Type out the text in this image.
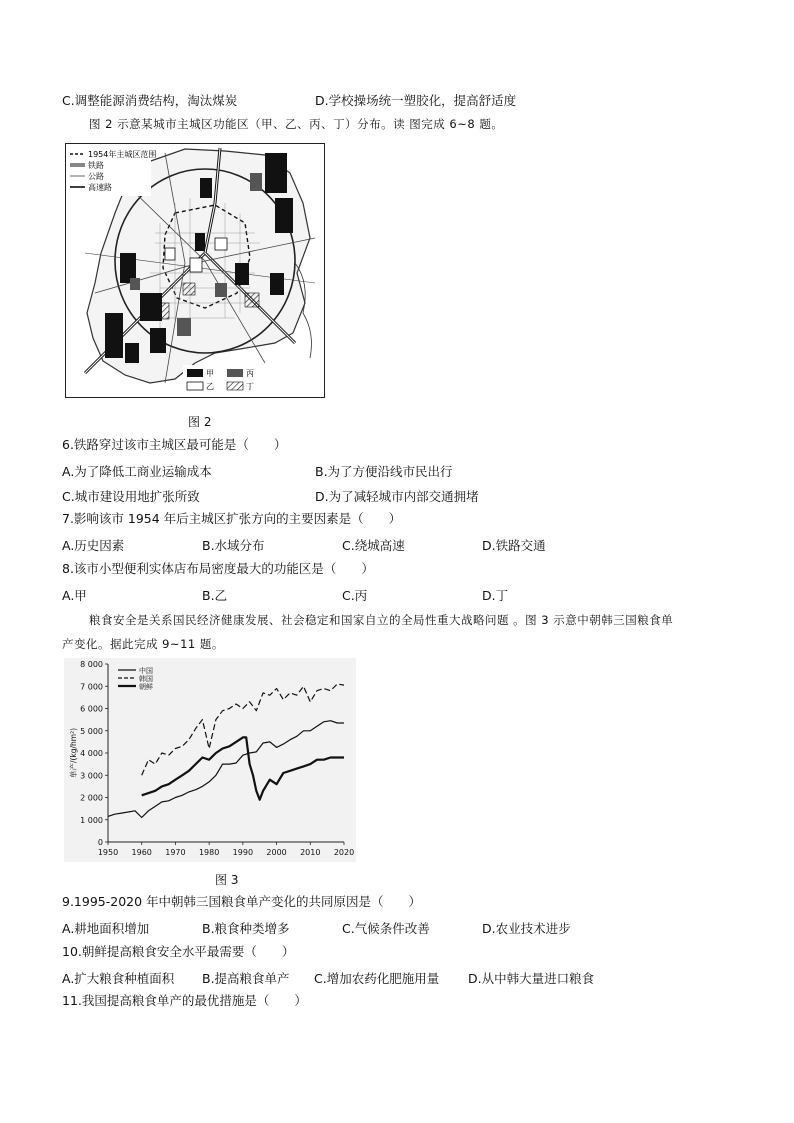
C.调整能源消费结构，淘汰煤炭	D.学校操场统一塑胶化，提高舒适度
图 2 示意某城市主城区功能区（甲、乙、丙、丁）分布。读 图完成 6~8 题。
1954年主城区范围
铁路
公路
高速路
甲	丙
乙	丁
图 2
6.铁路穿过该市主城区最可能是（　　）
A.为了降低工商业运输成本	B.为了方便沿线市民出行
C.城市建设用地扩张所致	D.为了减轻城市内部交通拥堵
7.影响该市 1954 年后主城区扩张方向的主要因素是（　　）
A.历史因素	B.水域分布	C.绕城高速	D.铁路交通
8.该市小型便利实体店布局密度最大的功能区是（　　）
A.甲	B.乙	C.丙	D.丁
粮食安全是关系国民经济健康发展、社会稳定和国家自立的全局性重大战略问题 。图 3 示意中朝韩三国粮食单
产变化。据此完成 9~11 题。
0
1 000
2 000
3 000
4 000
5 000
6 000
7 000
8 000
1950 1960 1970 1980 1990 2000 2010 2020
单产/(kg/hm²)
中国
韩国
朝鲜
图 3
9.1995-2020 年中朝韩三国粮食单产变化的共同原因是（　　）
A.耕地面积增加	B.粮食种类增多	C.气候条件改善	D.农业技术进步
10.朝鲜提高粮食安全水平最需要（　　）
A.扩大粮食种植面积 B.提高粮食单产 C.增加农药化肥施用量 D.从中韩大量进口粮食
11.我国提高粮食单产的最优措施是（　　）
